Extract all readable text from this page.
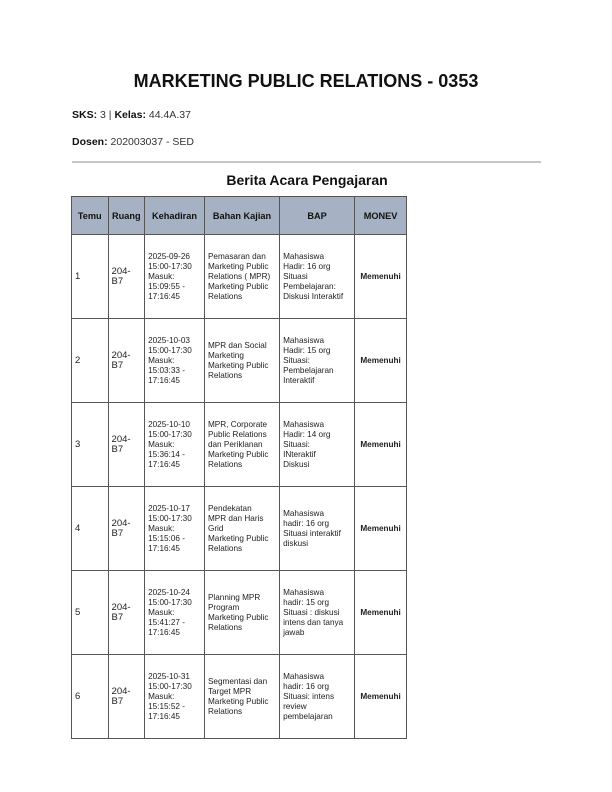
MARKETING PUBLIC RELATIONS - 0353
SKS: 3 | Kelas: 44.4A.37
Dosen: 202003037 - SED
Berita Acara Pengajaran
Temu	Ruang	Kehadiran	Bahan Kajian	BAP	MONEV
1	204-
B7	2025-09-26
15:00-17:30
Masuk:
15:09:55 -
17:16:45	Pemasaran dan
Marketing Public
Relations ( MPR)
Marketing Public
Relations	Mahasiswa
Hadir: 16 org
Situasi
Pembelajaran:
Diskusi Interaktif	Memenuhi
2	204-
B7	2025-10-03
15:00-17:30
Masuk:
15:03:33 -
17:16:45	MPR dan Social
Marketing
Marketing Public
Relations	Mahasiswa
Hadir: 15 org
Situasi:
Pembelajaran
Interaktif	Memenuhi
3	204-
B7	2025-10-10
15:00-17:30
Masuk:
15:36:14 -
17:16:45	MPR, Corporate
Public Relations
dan Periklanan
Marketing Public
Relations	Mahasiswa
Hadir: 14 org
Situasi:
INteraktif
Diskusi	Memenuhi
4	204-
B7	2025-10-17
15:00-17:30
Masuk:
15:15:06 -
17:16:45	Pendekatan
MPR dan Haris
Grid
Marketing Public
Relations	Mahasiswa
hadir: 16 org
Situasi interaktif
diskusi	Memenuhi
5	204-
B7	2025-10-24
15:00-17:30
Masuk:
15:41:27 -
17:16:45	Planning MPR
Program
Marketing Public
Relations	Mahasiswa
hadir: 15 org
Situasi : diskusi
intens dan tanya
jawab	Memenuhi
6	204-
B7	2025-10-31
15:00-17:30
Masuk:
15:15:52 -
17:16:45	Segmentasi dan
Target MPR
Marketing Public
Relations	Mahasiswa
hadir: 16 org
Situasi: intens
review
pembelajaran	Memenuhi
